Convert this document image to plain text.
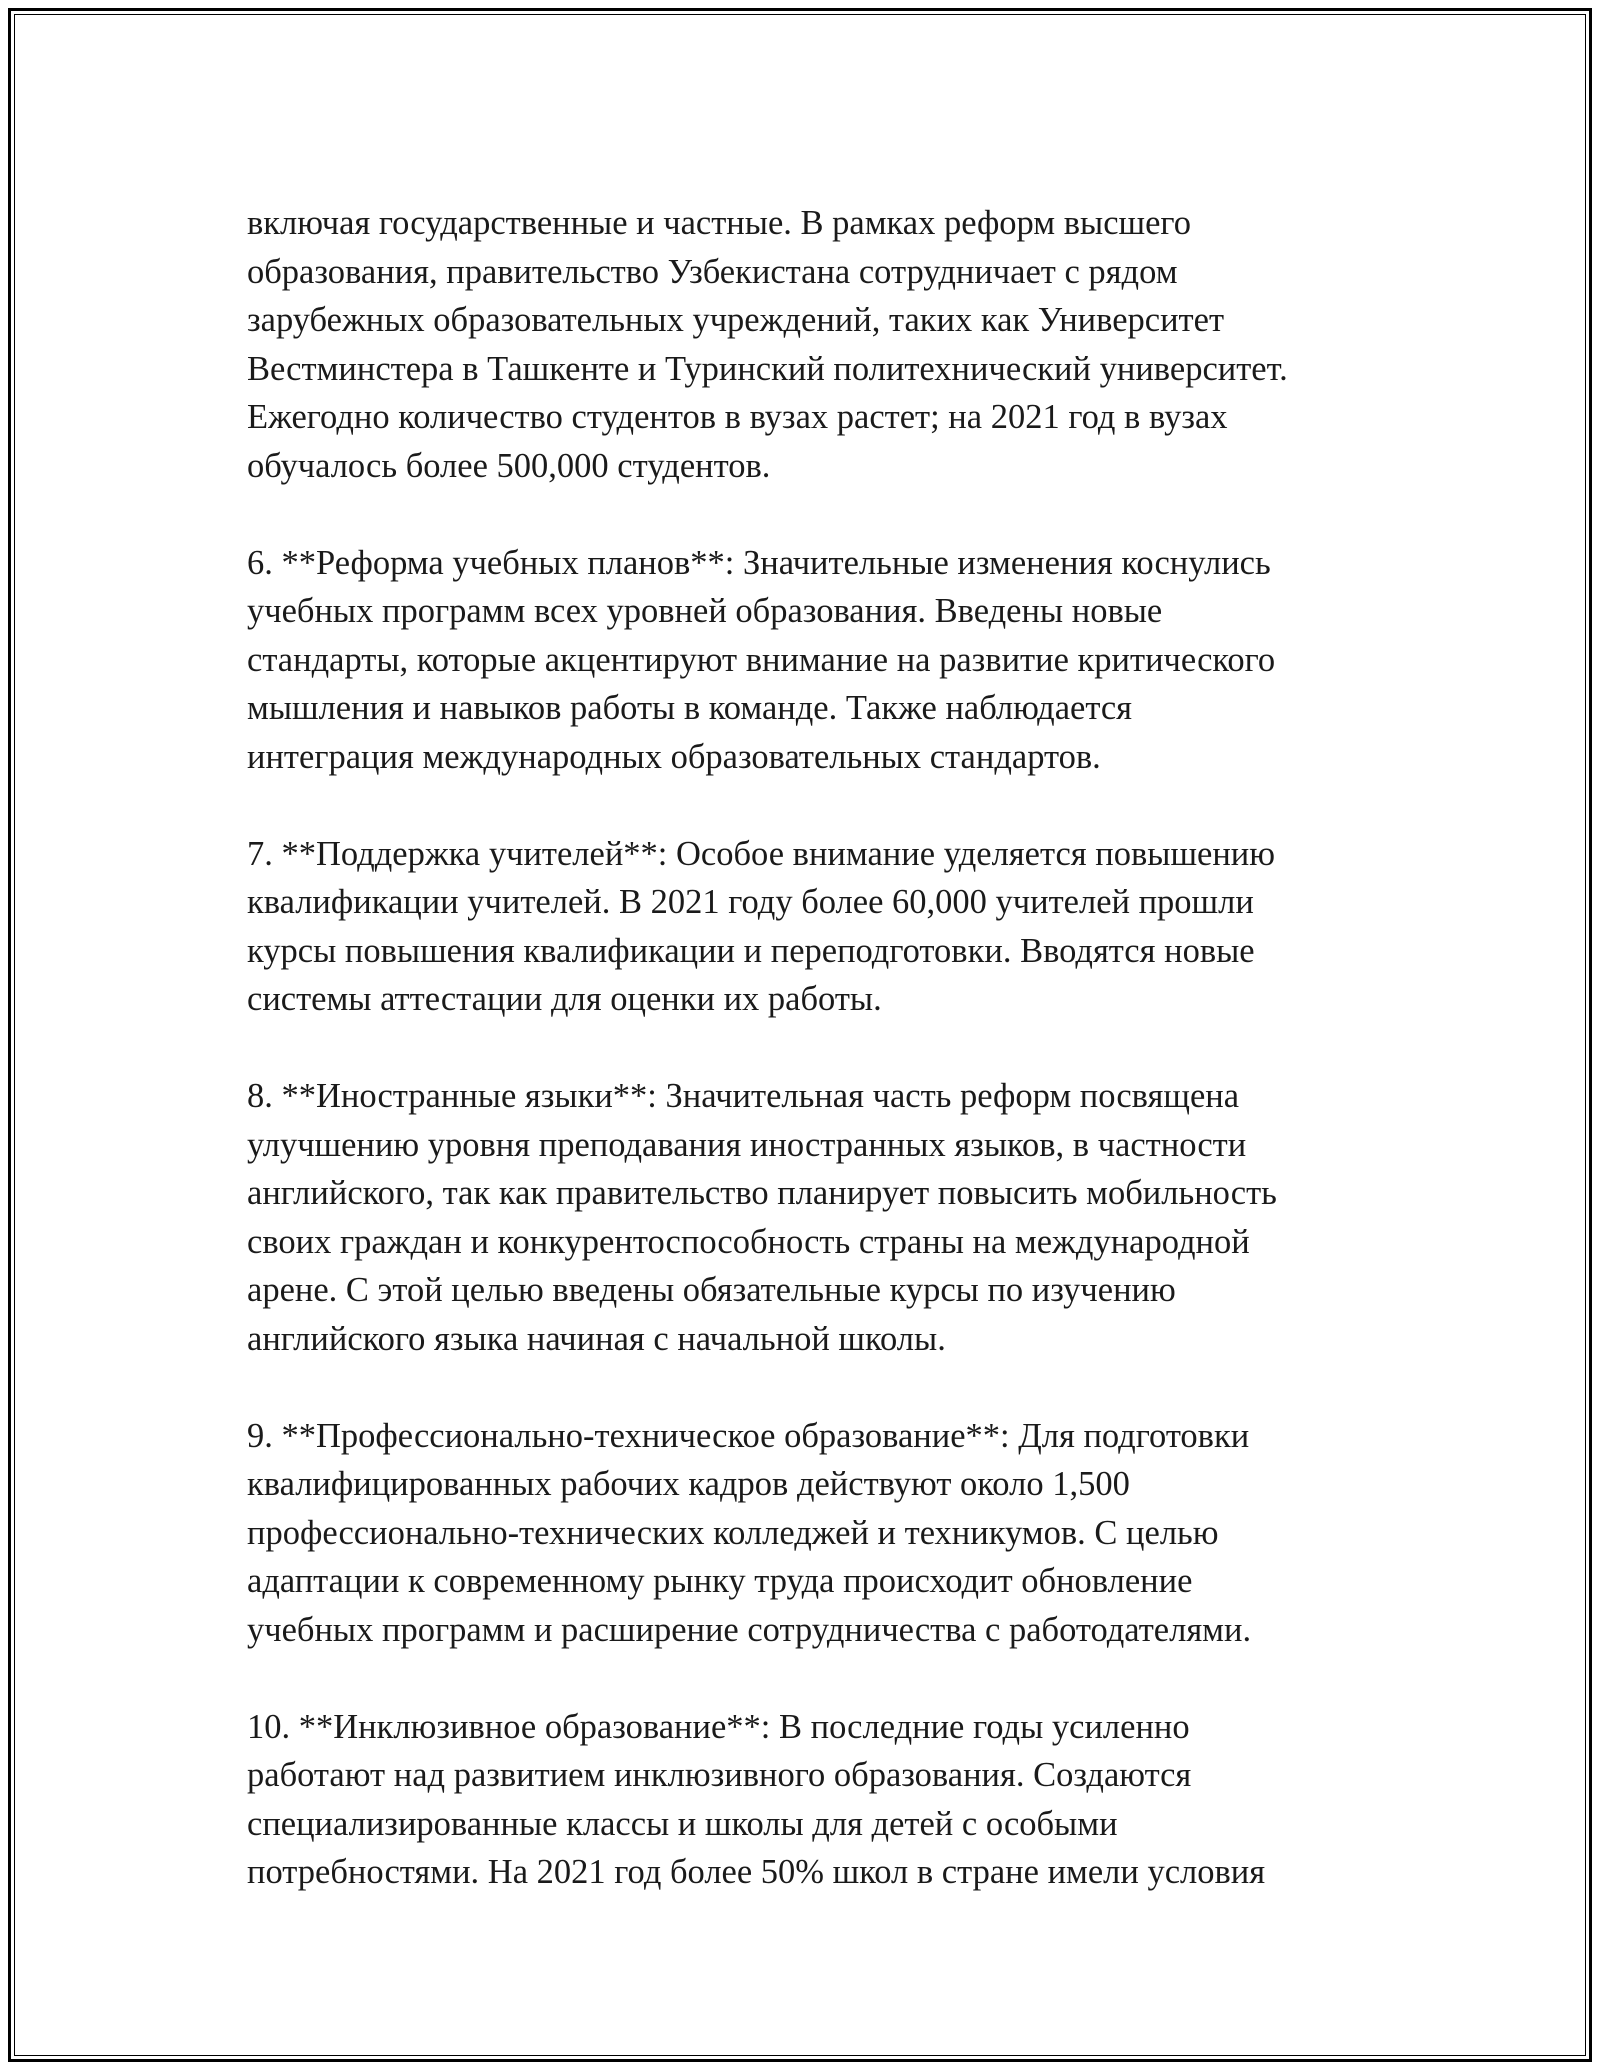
включая государственные и частные. В рамках реформ высшего
образования, правительство Узбекистана сотрудничает с рядом
зарубежных образовательных учреждений, таких как Университет
Вестминстера в Ташкенте и Туринский политехнический университет.
Ежегодно количество студентов в вузах растет; на 2021 год в вузах
обучалось более 500,000 студентов.

6. **Реформа учебных планов**: Значительные изменения коснулись
учебных программ всех уровней образования. Введены новые
стандарты, которые акцентируют внимание на развитие критического
мышления и навыков работы в команде. Также наблюдается
интеграция международных образовательных стандартов.

7. **Поддержка учителей**: Особое внимание уделяется повышению
квалификации учителей. В 2021 году более 60,000 учителей прошли
курсы повышения квалификации и переподготовки. Вводятся новые
системы аттестации для оценки их работы.

8. **Иностранные языки**: Значительная часть реформ посвящена
улучшению уровня преподавания иностранных языков, в частности
английского, так как правительство планирует повысить мобильность
своих граждан и конкурентоспособность страны на международной
арене. С этой целью введены обязательные курсы по изучению
английского языка начиная с начальной школы.

9. **Профессионально-техническое образование**: Для подготовки
квалифицированных рабочих кадров действуют около 1,500
профессионально-технических колледжей и техникумов. С целью
адаптации к современному рынку труда происходит обновление
учебных программ и расширение сотрудничества с работодателями.

10. **Инклюзивное образование**: В последние годы усиленно
работают над развитием инклюзивного образования. Создаются
специализированные классы и школы для детей с особыми
потребностями. На 2021 год более 50% школ в стране имели условия
